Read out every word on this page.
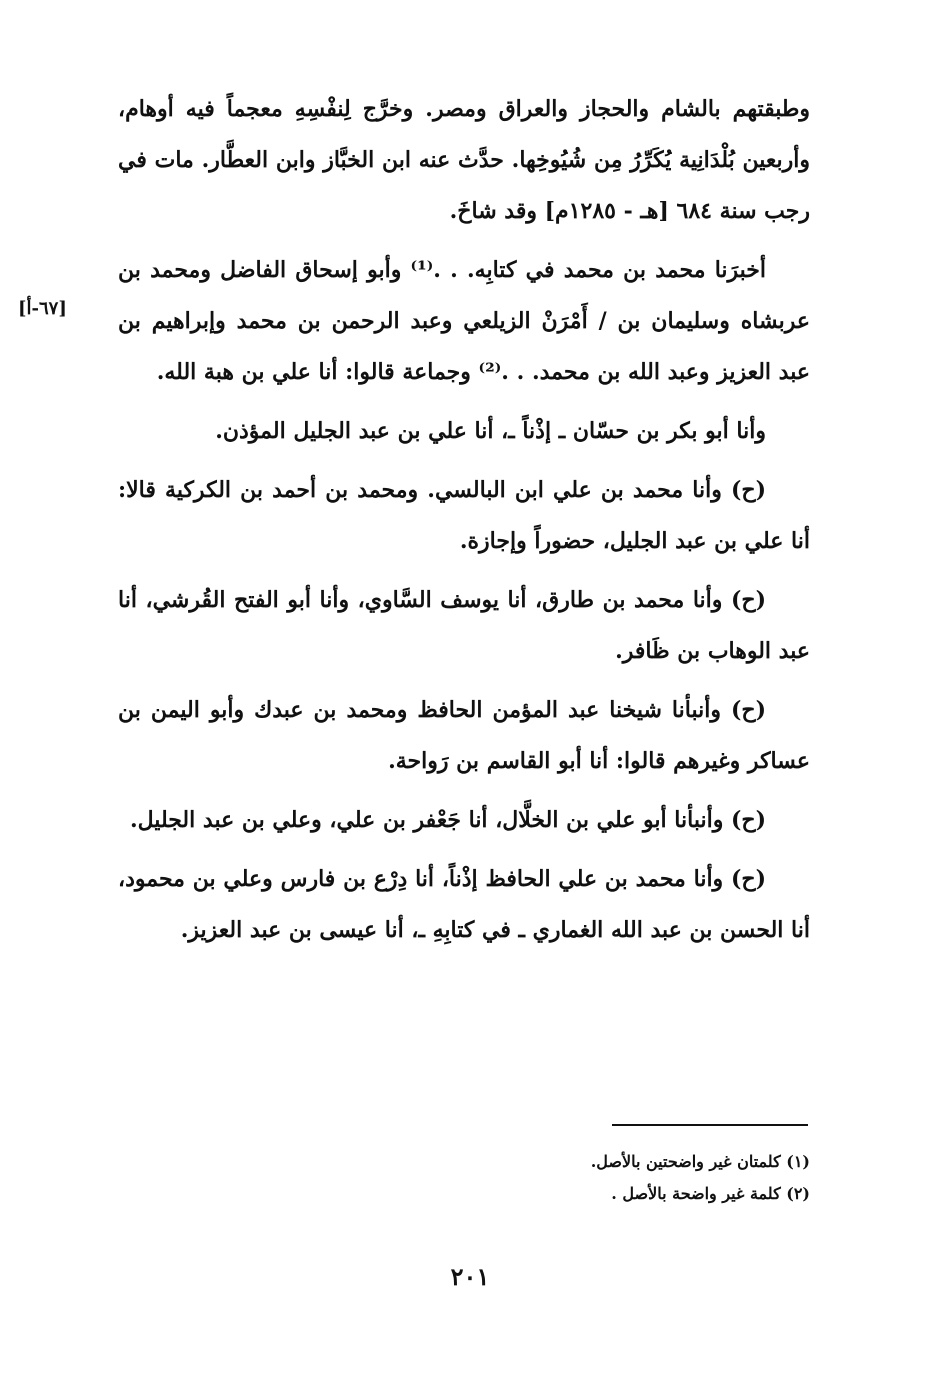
وطبقتهم بالشام والحجاز والعراق ومصر. وخرَّج لِنفْسِهِ معجماً فيه أوهام، وأربعين بُلْدَانِية يُكَرِّرُ مِن شُيُوخِها. حدَّث عنه ابن الخبَّاز وابن العطَّار. مات في رجب سنة ٦٨٤ [هـ - ١٢٨٥م] وقد شاخَ.

أخبرَنا محمد بن محمد في كتابِه. . .⁽¹⁾ وأبو إسحاق الفاضل ومحمد بن عربشاه وسليمان بن / أَمْرَنْ الزيلعي وعبد الرحمن بن محمد وإبراهيم بن عبد العزيز وعبد الله بن محمد. . .⁽²⁾ وجماعة قالوا: أنا علي بن هبة الله.

وأنا أبو بكر بن حسّان ـ إذْناً ـ، أنا علي بن عبد الجليل المؤذن.

(ح) وأنا محمد بن علي ابن البالسي. ومحمد بن أحمد بن الكركية قالا: أنا علي بن عبد الجليل، حضوراً وإجازة.

(ح) وأنا محمد بن طارق، أنا يوسف السَّاوي، وأنا أبو الفتح القُرشي، أنا عبد الوهاب بن ظَافر.

(ح) وأنبأنا شيخنا عبد المؤمن الحافظ ومحمد بن عبدك وأبو اليمن بن عساكر وغيرهم قالوا: أنا أبو القاسم بن رَواحة.

(ح) وأنبأنا أبو علي بن الخلَّال، أنا جَعْفر بن علي، وعلي بن عبد الجليل.

(ح) وأنا محمد بن علي الحافظ إذْناً، أنا دِرْع بن فارس وعلي بن محمود، أنا الحسن بن عبد الله الغماري ـ في كتابِهِ ـ، أنا عيسى بن عبد العزيز.

[٦٧-أ]

(١) كلمتان غير واضحتين بالأصل.

(٢) كلمة غير واضحة بالأصل .

٢٠١
